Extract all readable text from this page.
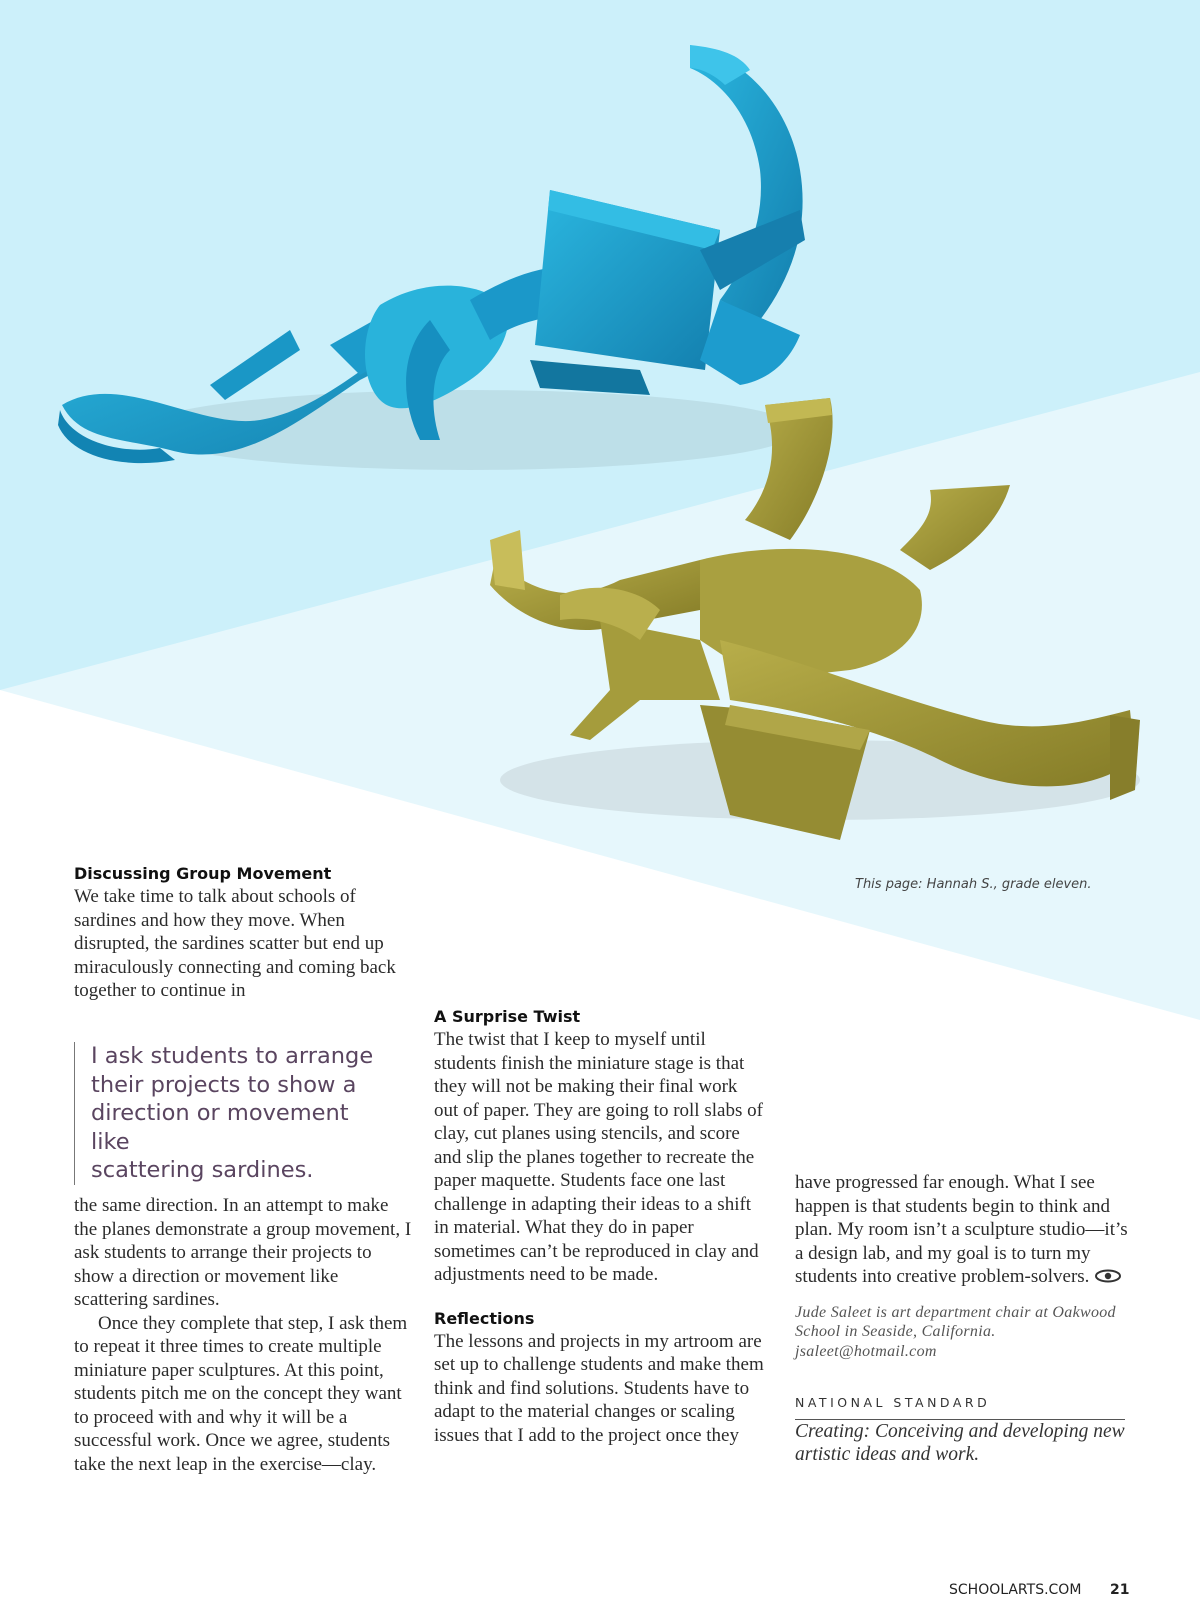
This page: Hannah S., grade eleven.

Discussing Group Movement

We take time to talk about schools of sardines and how they move. When disrupted, the sardines scatter but end up miraculously connecting and coming back together to continue in

I ask students to arrange
their projects to show a
direction or movement like
scattering sardines.

the same direction. In an attempt to make the planes demonstrate a group movement, I ask students to arrange their projects to show a direction or movement like scattering sardines.

Once they complete that step, I ask them to repeat it three times to create multiple miniature paper sculptures. At this point, students pitch me on the concept they want to proceed with and why it will be a successful work. Once we agree, students take the next leap in the exercise—clay.

A Surprise Twist

The twist that I keep to myself until students finish the miniature stage is that they will not be making their final work out of paper. They are going to roll slabs of clay, cut planes using stencils, and score and slip the planes together to recreate the paper maquette. Students face one last challenge in adapting their ideas to a shift in material. What they do in paper sometimes can’t be reproduced in clay and adjustments need to be made.

Reflections

The lessons and projects in my artroom are set up to challenge students and make them think and find solutions. Students have to adapt to the material changes or scaling issues that I add to the project once they

have progressed far enough. What I see happen is that students begin to think and plan. My room isn’t a sculpture studio—it’s a design lab, and my goal is to turn my students into creative problem-solvers.

Jude Saleet is art department chair at Oakwood School in Seaside, California. jsaleet@hotmail.com

NATIONAL STANDARD

Creating: Conceiving and developing new artistic ideas and work.

SCHOOLARTS.COM 21
